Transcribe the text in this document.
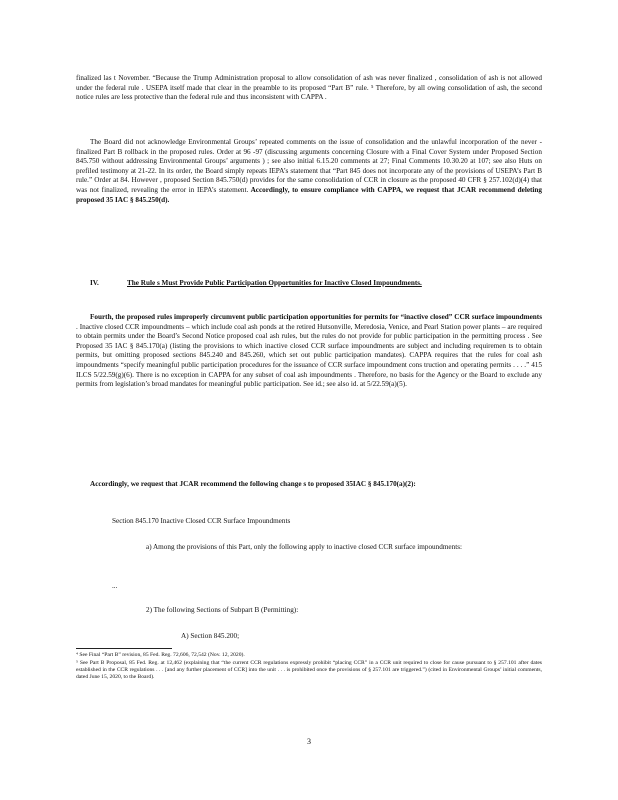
finalized las t November. “Because the Trump Administration proposal to allow consolidation of ash was never finalized , consolidation of ash is not allowed under the federal rule . USEPA itself made that clear in the preamble to its proposed “Part B” rule. ⁵ Therefore, by all owing consolidation of ash, the second notice rules are less protective than the federal rule and thus inconsistent with CAPPA .

The Board did not acknowledge Environmental Groups’ repeated comments on the issue of consolidation and the unlawful incorporation of the never -finalized Part B rollback in the proposed rules. Order at 96 -97 (discussing arguments concerning Closure with a Final Cover System under Proposed Section 845.750 without addressing Environmental Groups’ arguments ) ; see also initial 6.15.20 comments at 27; Final Comments 10.30.20 at 107; see also Huts on prefiled testimony at 21-22. In its order, the Board simply repeats IEPA’s statement that “Part 845 does not incorporate any of the provisions of USEPA’s Part B rule.” Order at 84. However , proposed Section 845.750(d) provides for the same consolidation of CCR in closure as the proposed 40 CFR § 257.102(d)(4) that was not finalized, revealing the error in IEPA’s statement. Accordingly, to ensure compliance with CAPPA, we request that JCAR recommend deleting proposed 35 IAC § 845.250(d).

IV.	The Rule s Must Provide Public Participation Opportunities for Inactive Closed Impoundments.

Fourth, the proposed rules improperly circumvent public participation opportunities for permits for “inactive closed” CCR surface impoundments . Inactive closed CCR impoundments – which include coal ash ponds at the retired Hutsonville, Meredosia, Venice, and Pearl Station power plants – are required to obtain permits under the Board’s Second Notice proposed coal ash rules, but the rules do not provide for public participation in the permitting process . See Proposed 35 IAC § 845.170(a) (listing the provisions to which inactive closed CCR surface impoundments are subject and including requiremen ts to obtain permits, but omitting proposed sections 845.240 and 845.260, which set out public participation mandates). CAPPA requires that the rules for coal ash impoundments “specify meaningful public participation procedures for the issuance of CCR surface impoundment cons truction and operating permits . . . .” 415 ILCS 5/22.59(g)(6). There is no exception in CAPPA for any subset of coal ash impoundments . Therefore, no basis for the Agency or the Board to exclude any permits from legislation’s broad mandates for meaningful public participation. See id.; see also id. at 5/22.59(a)(5).

Accordingly, we request that JCAR recommend the following change s to proposed 35IAC § 845.170(a)(2):

Section 845.170 Inactive Closed CCR Surface Impoundments
a) Among the provisions of this Part, only the following apply to inactive closed CCR surface impoundments:
...
2) The following Sections of Subpart B (Permitting):
A) Section 845.200;
⁴ See Final “Part B” revision, 85 Fed. Reg. 72,606, 72,542 (Nov. 12, 2020).
⁵ See Part B Proposal, 85 Fed. Reg. at 12,462 (explaining that “the current CCR regulations expressly prohibit “placing CCR” in a CCR unit required to close for cause pursuant to § 257.101 after dates established in the CCR regulations . . . [and any further placement of CCR] into the unit . . . is prohibited once the provisions of § 257.101 are triggered.”) (cited in Environmental Groups’ initial comments, dated June 15, 2020, to the Board).
3
